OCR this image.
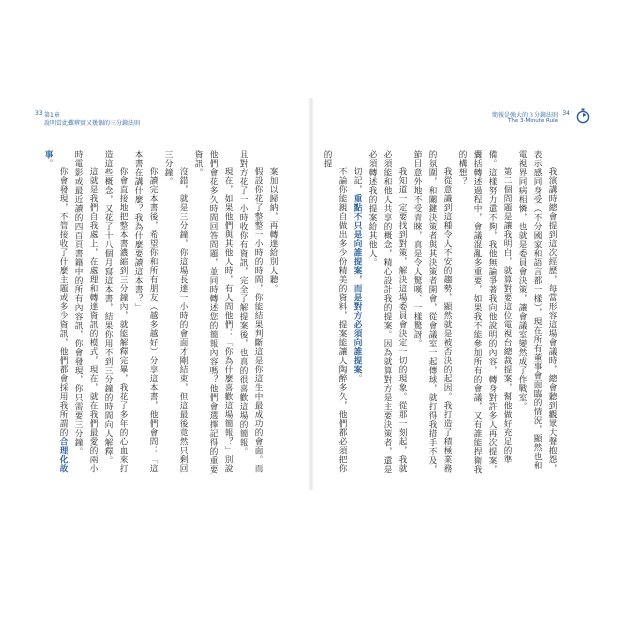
33 第1章
說明當此難辨實又幾個的三分鐘法則

案加以歸納，再轉達給別人聽。

假設你花了整整一小時的時間，你能結果判斷這是你這生中最成功的會面。而且對方花了一小時收你有資訊，完全了解提案後，也真的很喜歡這場的簡報。

現在，如果他們與其他人時，有人問他們：「你為什麼喜歡這場簡報？」別說他們會花多久時間回答問題，並同時轉述您的簡報內容嗎？他們會選擇記得的重要資訊。

沒錯，就是三分鐘，你這場長達一小時的會面才剛結束，但這最後竟然只剩回三分鐘。

你讀完本書後，希望你和所有朋友（越多越好）分享這本書，他們會問：「這本書在講什麼？我為什麼要讀這本書？」

你會直接地把整本書濃縮到三分鐘內，就能解釋完畢，我花了多年的心血來打造這些概念，又花了十八個月寫這本書，結果你用不到三分鐘的時間向人解釋。

這就是我們自我處上，在處理和轉達資訊的模式，現在，就在我們最愛的兩小時電影或最近讀的四百頁書籍中的所有內容訊，你會發現，你只需要三分鐘。

你會發現，不管接收了什麼主題或多少資訊，他們都會採用我所謂的合理化故事。

簡報是強大的３分鐘法則 34
The 3-Minute Rule

我演講時總會提到這次經歷，每當形容這場會議時，總會聽到觀眾大聲抱怨，表示感同身受（不分國家和語言都一樣），現在所有董事會面臨的情況，顯然也和電視界同病相憐，也就是委員會決策，讓會議室變然成了作戰室。

第二個問題是讓我明白，就算對要這位電視台總裁提案，幫他做好充足的準備。這樣努力還不夠，我他無論爭著我向他說明的內容，轉身對許多人再次提案，囊括轉述過程中，會議混亂多重要，如果我不能參加所有的會議，又有誰能捍衛我的構想？

我從意識到這種令人不安的趨勢，顯然就是被否決的起因。我打造了積極業務的氛圍，和關鍵決策者與其決策者開會，從會議室一起傳球，就打得我措手不及，節目意外地不受青睞，真是令人驚嘆、一樣驚訝。

我知道一定要找到對策，解決這場委員會決定一切的現象。從那一刻起，我就必須能和他人共享的概念，精心設計我的提案。因為就算對方是主要決策者，還是必須轉述我的提案給其他人。

切記，重點不只是向誰提案，而是對方必須向誰提案。

不論你能親自做出多少份精美的資料，提案能讓人陶醉多久，他們都必須把你的提
